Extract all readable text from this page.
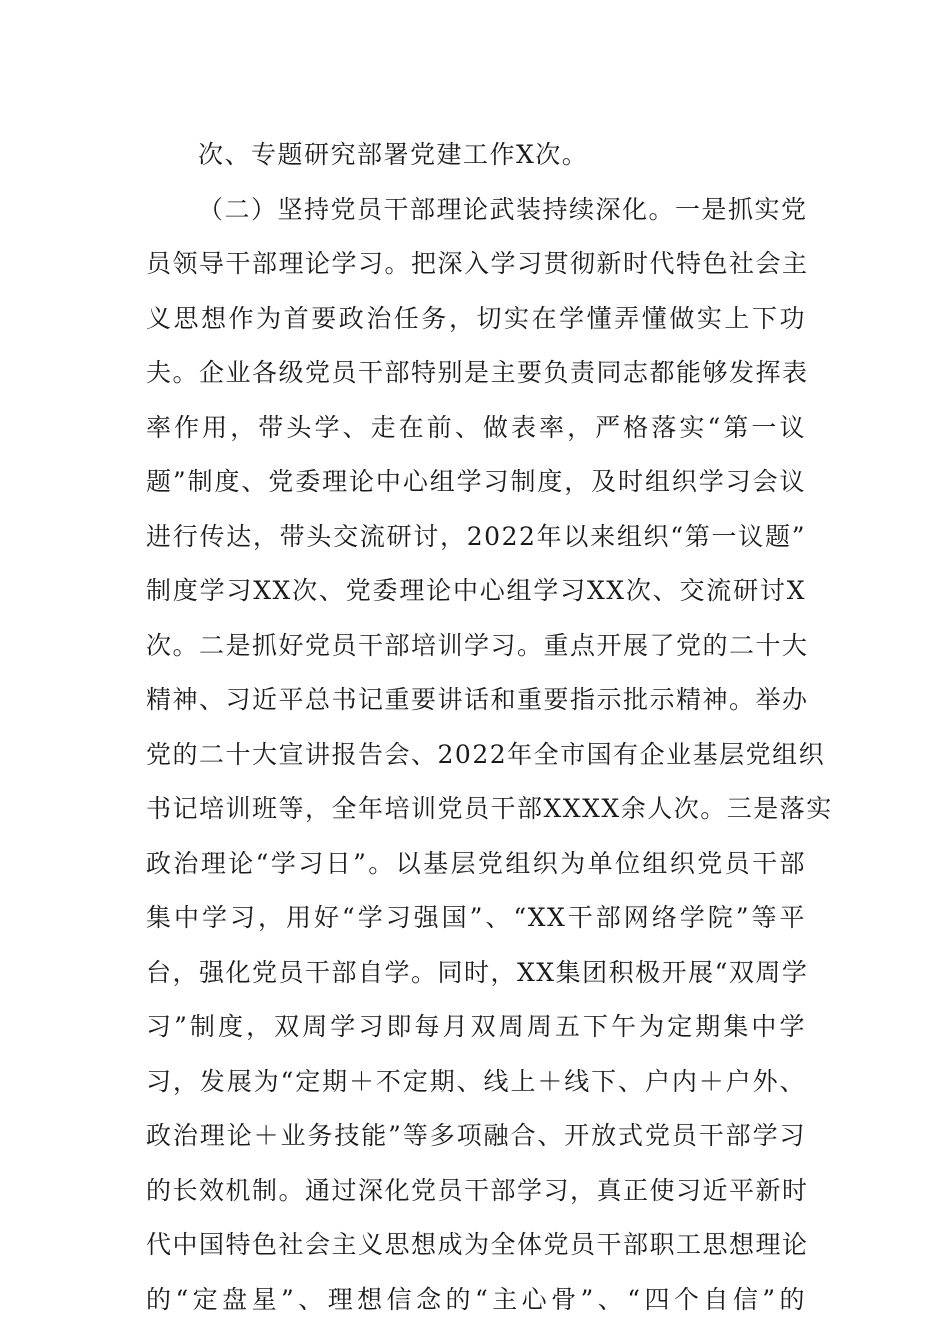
次、专题研究部署党建工作X次。
（二）坚持党员干部理论武装持续深化。一是抓实党
员领导干部理论学习。把深入学习贯彻新时代特色社会主
义思想作为首要政治任务，切实在学懂弄懂做实上下功
夫。企业各级党员干部特别是主要负责同志都能够发挥表
率作用，带头学、走在前、做表率，严格落实“第一议
题”制度、党委理论中心组学习制度，及时组织学习会议
进行传达，带头交流研讨，2022年以来组织“第一议题”
制度学习XX次、党委理论中心组学习XX次、交流研讨X
次。二是抓好党员干部培训学习。重点开展了党的二十大
精神、习近平总书记重要讲话和重要指示批示精神。举办
党的二十大宣讲报告会、2022年全市国有企业基层党组织
书记培训班等，全年培训党员干部XXXX余人次。三是落实
政治理论“学习日”。以基层党组织为单位组织党员干部
集中学习，用好“学习强国”、“XX干部网络学院”等平
台，强化党员干部自学。同时，XX集团积极开展“双周学
习”制度，双周学习即每月双周周五下午为定期集中学
习，发展为“定期＋不定期、线上＋线下、户内＋户外、
政治理论＋业务技能”等多项融合、开放式党员干部学习
的长效机制。通过深化党员干部学习，真正使习近平新时
代中国特色社会主义思想成为全体党员干部职工思想理论
的“定盘星”、理想信念的“主心骨”、“四个自信”的
